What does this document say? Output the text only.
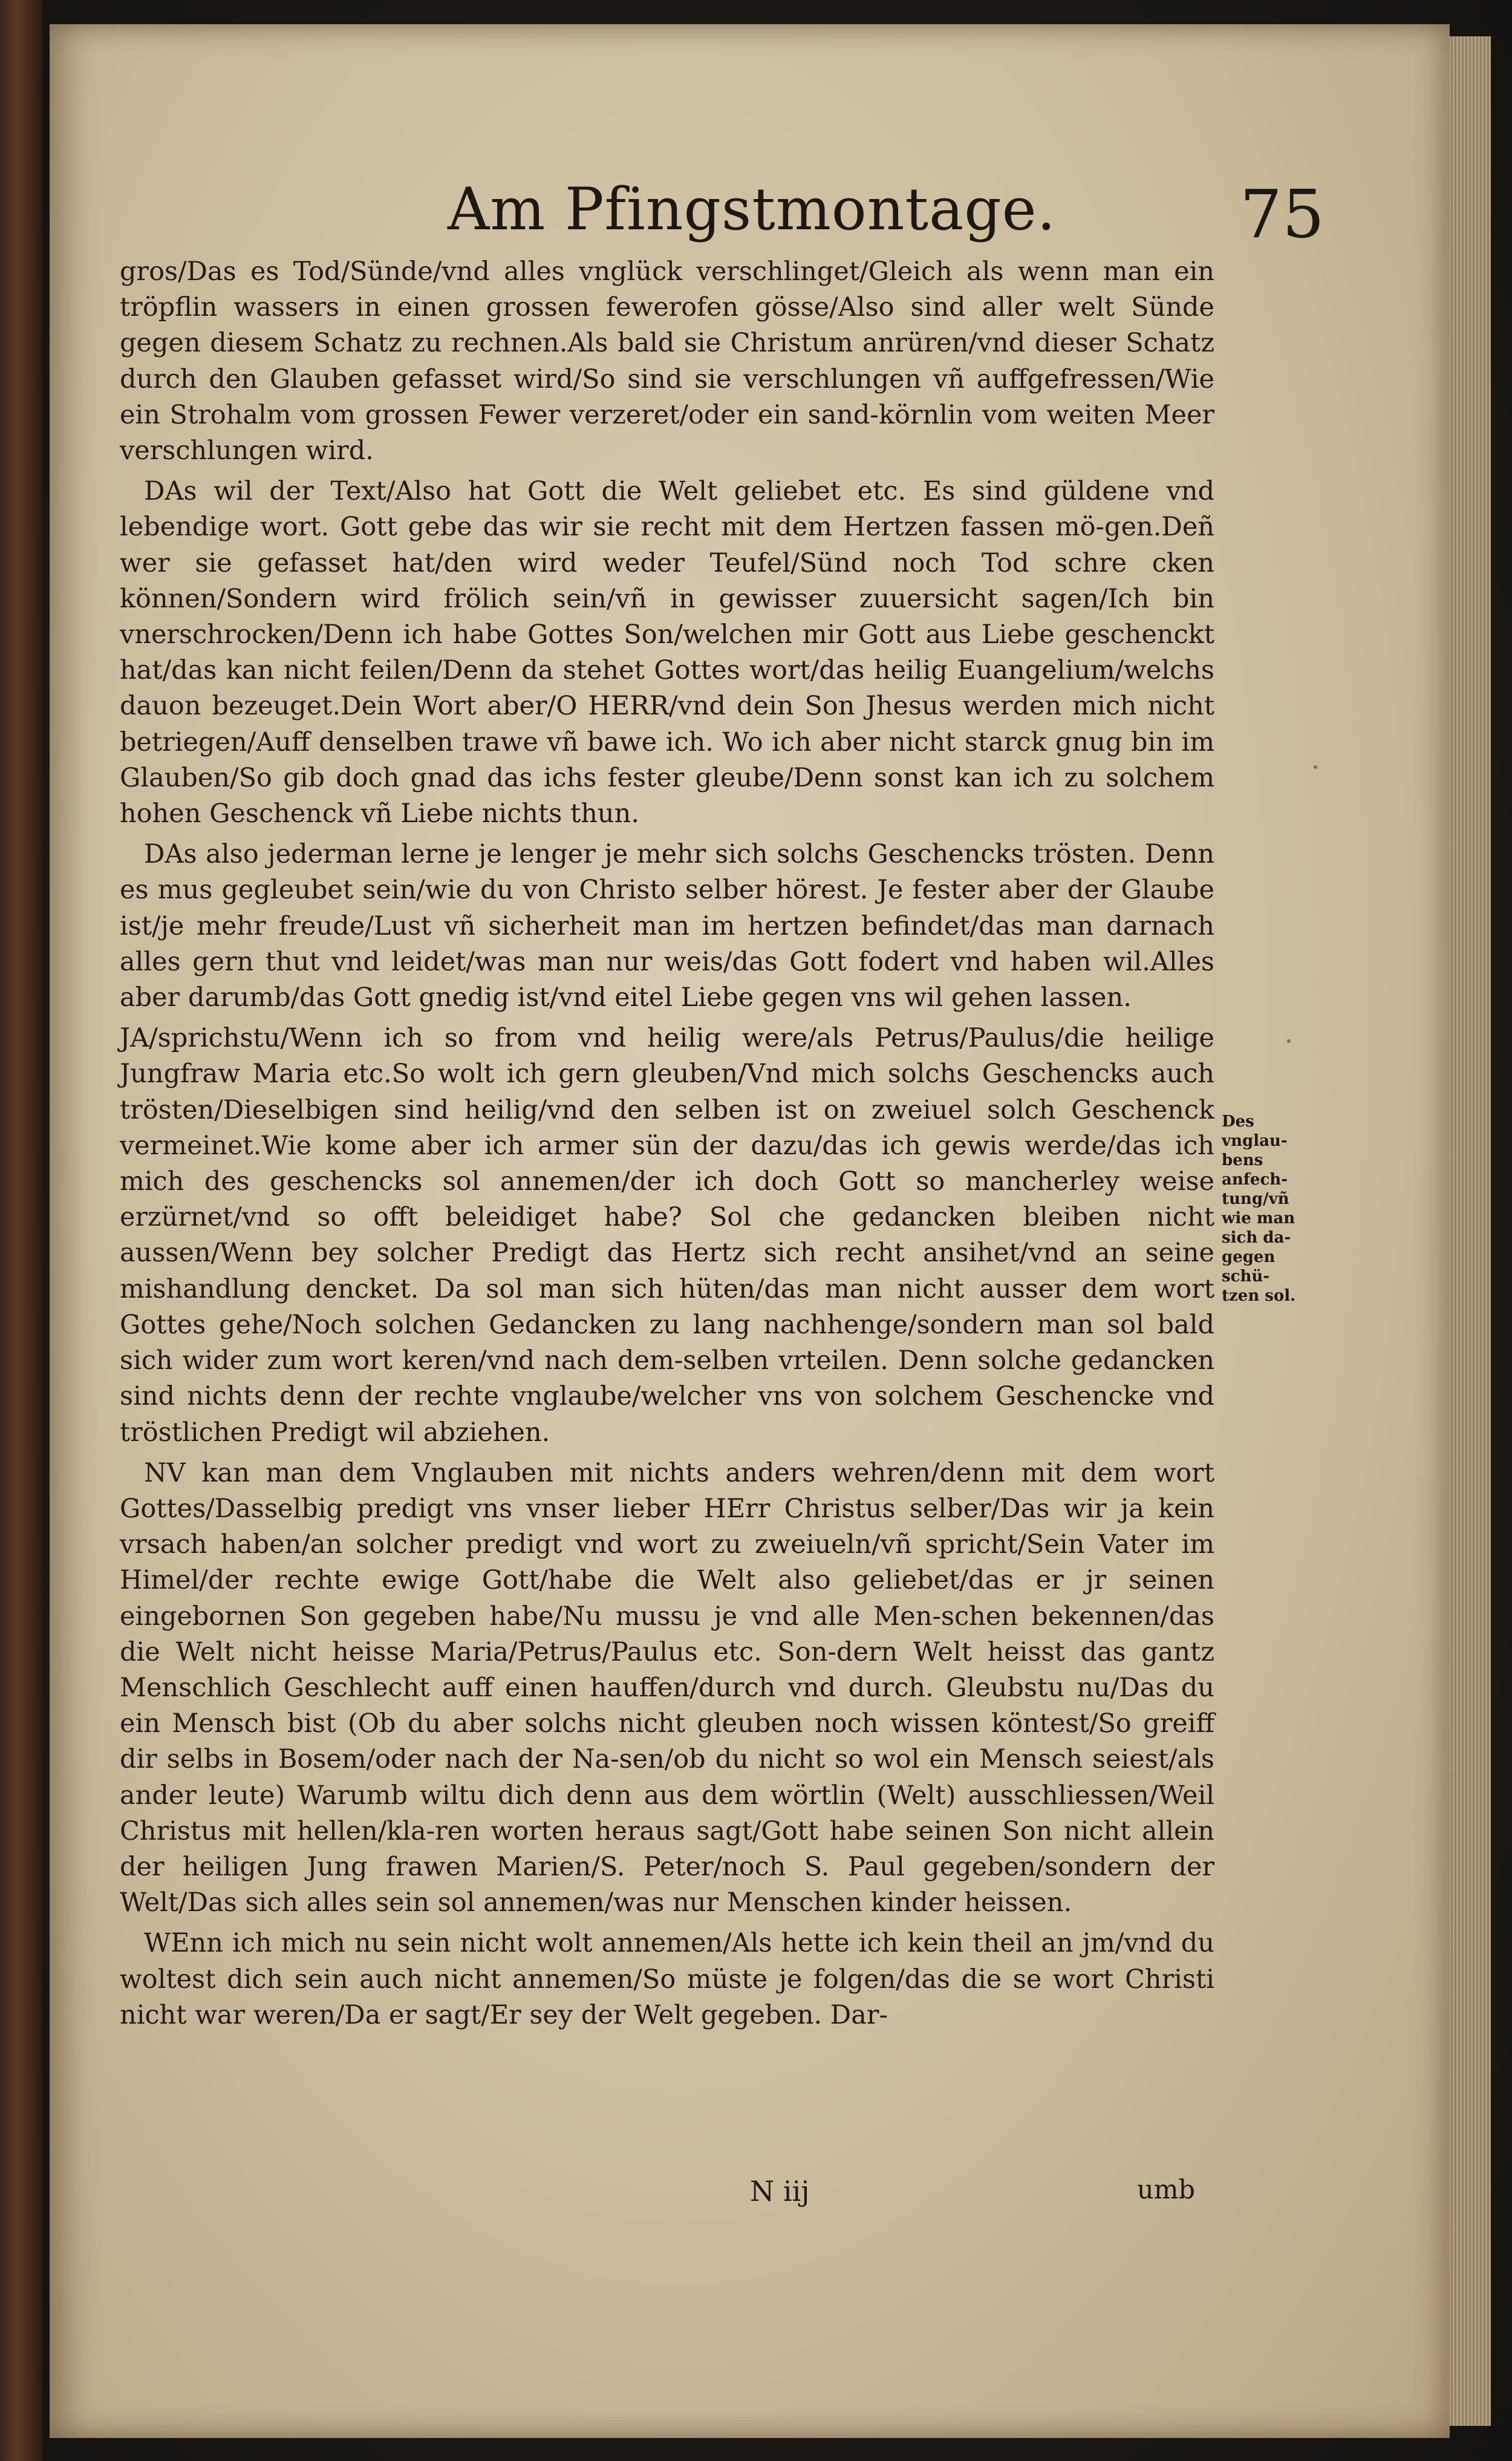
Am Pfingstmontage.	75

gros/Das es Tod/Sünde/vnd alles vnglück verschlinget/Gleich als wenn man ein tröpflin wassers in einen grossen fewerofen gösse/Also sind aller welt Sünde gegen diesem Schatz zu rechnen.Als bald sie Christum anrüren/vnd dieser Schatz durch den Glauben gefasset wird/So sind sie verschlungen vñ auffgefressen/Wie ein Strohalm vom grossen Fewer verzeret/oder ein sand-körnlin vom weiten Meer verschlungen wird.

DAs wil der Text/Also hat Gott die Welt geliebet etc. Es sind güldene vnd lebendige wort. Gott gebe das wir sie recht mit dem Hertzen fassen mö-gen.Deñ wer sie gefasset hat/den wird weder Teufel/Sünd noch Tod schre cken können/Sondern wird frölich sein/vñ in gewisser zuuersicht sagen/Ich bin vnerschrocken/Denn ich habe Gottes Son/welchen mir Gott aus Liebe geschenckt hat/das kan nicht feilen/Denn da stehet Gottes wort/das heilig Euangelium/welchs dauon bezeuget.Dein Wort aber/O HERR/vnd dein Son Jhesus werden mich nicht betriegen/Auff denselben trawe vñ bawe ich. Wo ich aber nicht starck gnug bin im Glauben/So gib doch gnad das ichs fester gleube/Denn sonst kan ich zu solchem hohen Geschenck vñ Liebe nichts thun.

DAs also jederman lerne je lenger je mehr sich solchs Geschencks trösten. Denn es mus gegleubet sein/wie du von Christo selber hörest. Je fester aber der Glaube ist/je mehr freude/Lust vñ sicherheit man im hertzen befindet/das man darnach alles gern thut vnd leidet/was man nur weis/das Gott fodert vnd haben wil.Alles aber darumb/das Gott gnedig ist/vnd eitel Liebe gegen vns wil gehen lassen.

JA/sprichstu/Wenn ich so from vnd heilig were/als Petrus/Paulus/die heilige Jungfraw Maria etc.So wolt ich gern gleuben/Vnd mich solchs Geschencks auch trösten/Dieselbigen sind heilig/vnd den selben ist on zweiuel solch Geschenck vermeinet.Wie kome aber ich armer sün der dazu/das ich gewis werde/das ich mich des geschencks sol annemen/der ich doch Gott so mancherley weise erzürnet/vnd so offt beleidiget habe? Sol che gedancken bleiben nicht aussen/Wenn bey solcher Predigt das Hertz sich recht ansihet/vnd an seine mishandlung dencket. Da sol man sich hüten/das man nicht ausser dem wort Gottes gehe/Noch solchen Gedancken zu lang nachhenge/sondern man sol bald sich wider zum wort keren/vnd nach dem-selben vrteilen. Denn solche gedancken sind nichts denn der rechte vnglaube/welcher vns von solchem Geschencke vnd tröstlichen Predigt wil abziehen.

NV kan man dem Vnglauben mit nichts anders wehren/denn mit dem wort Gottes/Dasselbig predigt vns vnser lieber HErr Christus selber/Das wir ja kein vrsach haben/an solcher predigt vnd wort zu zweiueln/vñ spricht/Sein Vater im Himel/der rechte ewige Gott/habe die Welt also geliebet/das er jr seinen eingebornen Son gegeben habe/Nu mussu je vnd alle Men-schen bekennen/das die Welt nicht heisse Maria/Petrus/Paulus etc. Son-dern Welt heisst das gantz Menschlich Geschlecht auff einen hauffen/durch vnd durch. Gleubstu nu/Das du ein Mensch bist (Ob du aber solchs nicht gleuben noch wissen köntest/So greiff dir selbs in Bosem/oder nach der Na-sen/ob du nicht so wol ein Mensch seiest/als ander leute) Warumb wiltu dich denn aus dem wörtlin (Welt) ausschliessen/Weil Christus mit hellen/kla-ren worten heraus sagt/Gott habe seinen Son nicht allein der heiligen Jung frawen Marien/S. Peter/noch S. Paul gegeben/sondern der Welt/Das sich alles sein sol annemen/was nur Menschen kinder heissen.

WEnn ich mich nu sein nicht wolt annemen/Als hette ich kein theil an jm/vnd du woltest dich sein auch nicht annemen/So müste je folgen/das die se wort Christi nicht war weren/Da er sagt/Er sey der Welt gegeben. Dar-

Des vnglau-bens anfech-tung/vñ wie man sich da-gegen schü-tzen sol.
N iij	umb
